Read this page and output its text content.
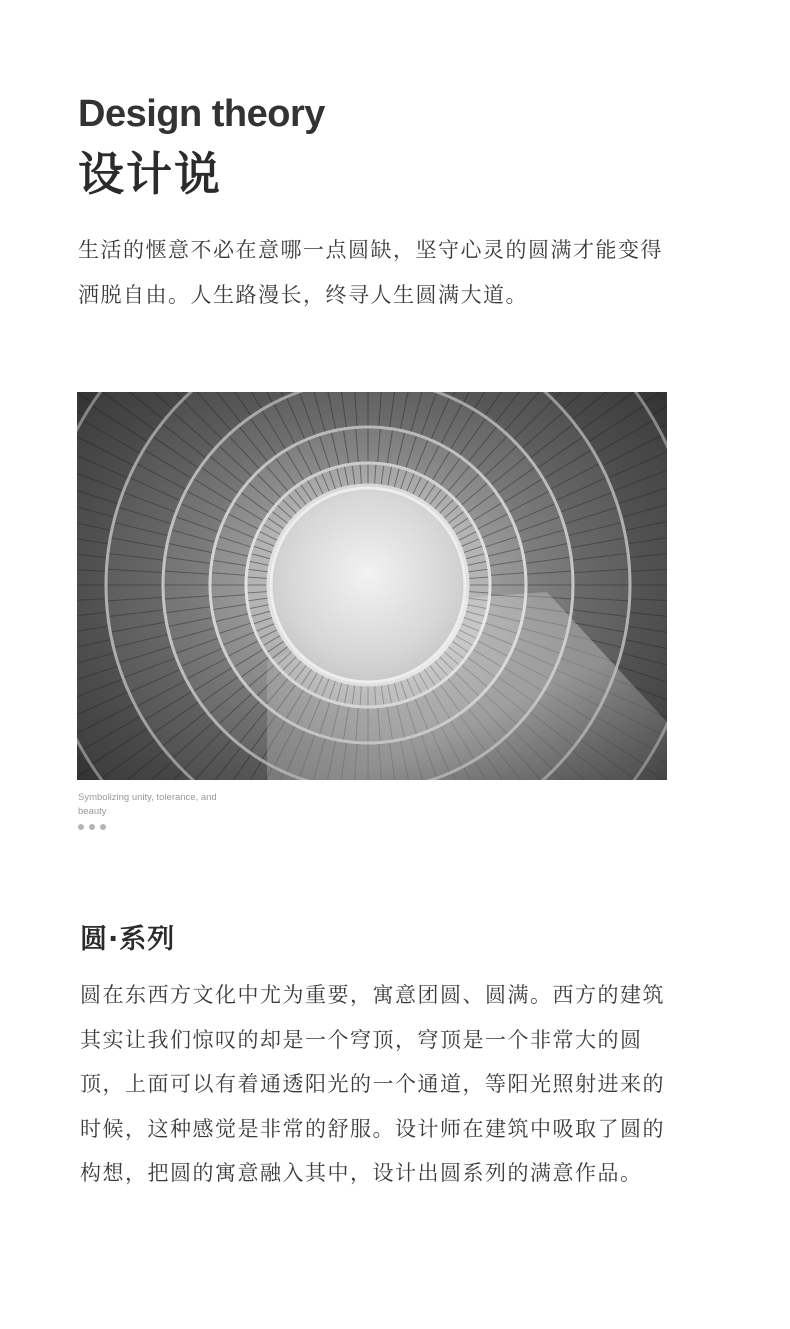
Design theory
设计说

生活的惬意不必在意哪一点圆缺，坚守心灵的圆满才能变得洒脱自由。人生路漫长，终寻人生圆满大道。

Symbolizing unity, tolerance, and beauty

圆·系列

圆在东西方文化中尤为重要，寓意团圆、圆满。西方的建筑其实让我们惊叹的却是一个穹顶，穹顶是一个非常大的圆顶，上面可以有着通透阳光的一个通道，等阳光照射进来的时候，这种感觉是非常的舒服。设计师在建筑中吸取了圆的构想，把圆的寓意融入其中，设计出圆系列的满意作品。
